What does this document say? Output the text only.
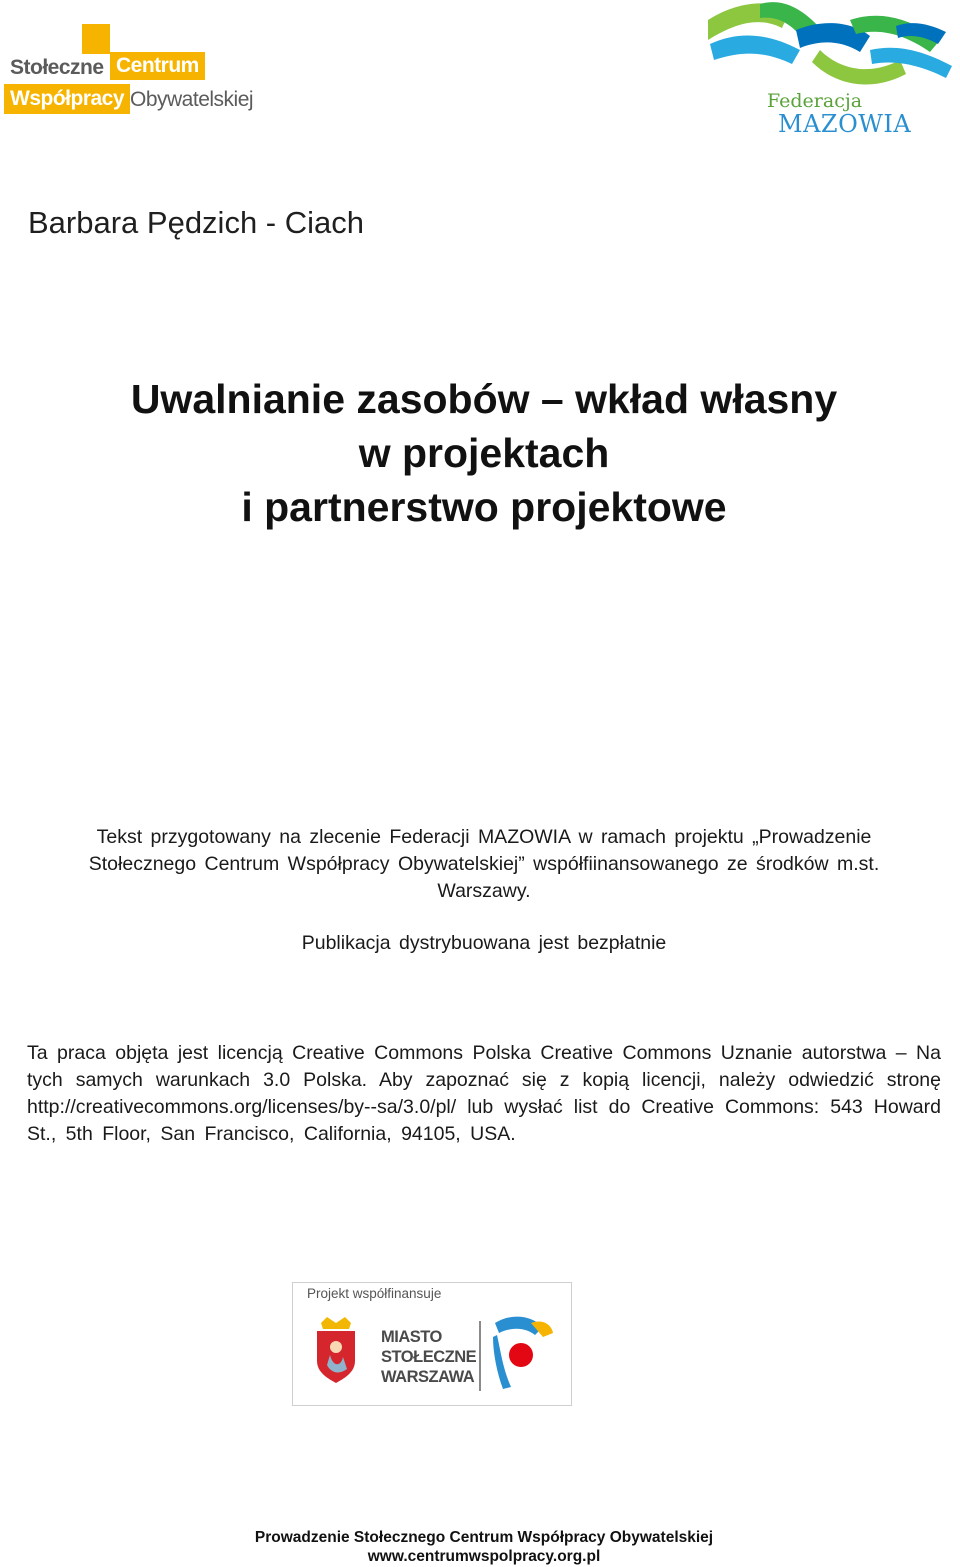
Stołeczne Centrum
Współpracy Obywatelskiej	Federacja
MAZOWIA
Barbara Pędzich - Ciach
Uwalnianie zasobów – wkład własny
w projektach
i partnerstwo projektowe
Tekst przygotowany na zlecenie Federacji MAZOWIA w ramach projektu „Prowadzenie Stołecznego Centrum Współpracy Obywatelskiej” współfiinansowanego ze środków m.st. Warszawy.
Publikacja dystrybuowana jest bezpłatnie
Ta praca objęta jest licencją Creative Commons Polska Creative Commons Uznanie autorstwa – Na tych samych warunkach 3.0 Polska. Aby zapoznać się z kopią licencji, należy odwiedzić stronę http://creativecommons.org/licenses/by--sa/3.0/pl/ lub wysłać list do Creative Commons: 543 Howard St., 5th Floor, San Francisco, California, 94105, USA.
Projekt współfinansuje
MIASTO
STOŁECZNE
WARSZAWA
Prowadzenie Stołecznego Centrum Współpracy Obywatelskiej
www.centrumwspolpracy.org.pl
